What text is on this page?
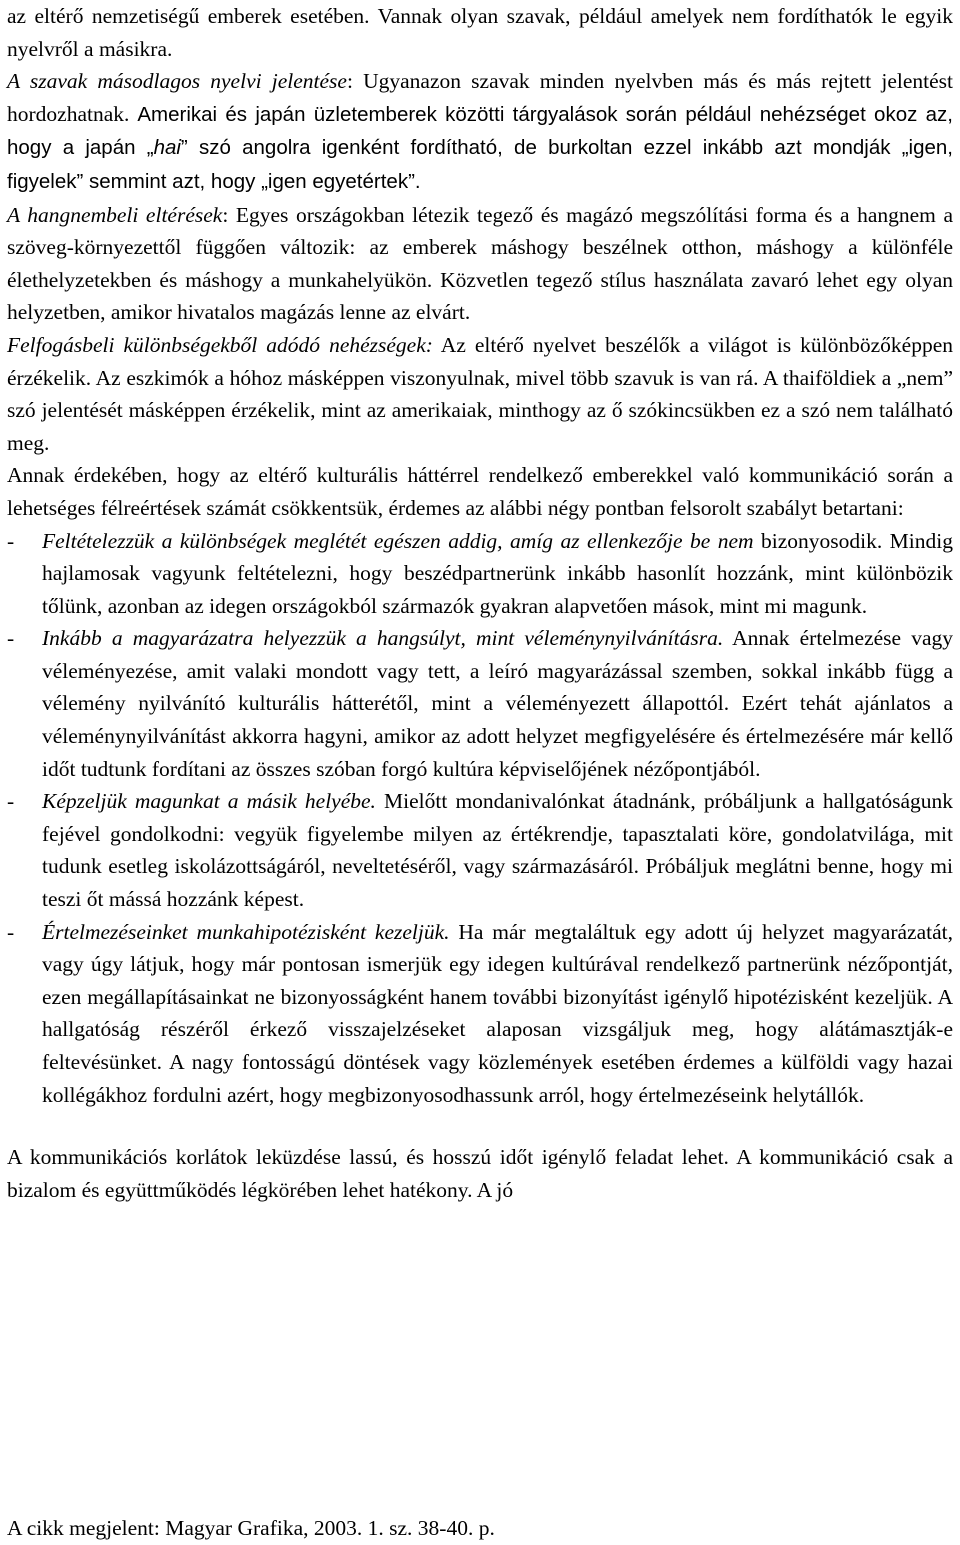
az eltérő nemzetiségű emberek esetében. Vannak olyan szavak, például amelyek nem fordíthatók le egyik nyelvről a másikra.

A szavak másodlagos nyelvi jelentése: Ugyanazon szavak minden nyelvben más és más rejtett jelentést hordozhatnak. Amerikai és japán üzletemberek közötti tárgyalások során például nehézséget okoz az, hogy a japán „hai” szó angolra igenként fordítható, de burkoltan ezzel inkább azt mondják „igen, figyelek” semmint azt, hogy „igen egyetértek”.

A hangnembeli eltérések: Egyes országokban létezik tegező és magázó megszólítási forma és a hangnem a szöveg-környezettől függően változik: az emberek máshogy beszélnek otthon, máshogy a különféle élethelyzetekben és máshogy a munkahelyükön. Közvetlen tegező stílus használata zavaró lehet egy olyan helyzetben, amikor hivatalos magázás lenne az elvárt.

Felfogásbeli különbségekből adódó nehézségek: Az eltérő nyelvet beszélők a világot is különbözőképpen érzékelik. Az eszkimók a hóhoz másképpen viszonyulnak, mivel több szavuk is van rá. A thaiföldiek a „nem” szó jelentését másképpen érzékelik, mint az amerikaiak, minthogy az ő szókincsükben ez a szó nem található meg.

Annak érdekében, hogy az eltérő kulturális háttérrel rendelkező emberekkel való kommunikáció során a lehetséges félreértések számát csökkentsük, érdemes az alábbi négy pontban felsorolt szabályt betartani:

- Feltételezzük a különbségek meglétét egészen addig, amíg az ellenkezője be nem bizonyosodik. Mindig hajlamosak vagyunk feltételezni, hogy beszédpartnerünk inkább hasonlít hozzánk, mint különbözik tőlünk, azonban az idegen országokból származók gyakran alapvetően mások, mint mi magunk.
- Inkább a magyarázatra helyezzük a hangsúlyt, mint véleménynyilvánításra. Annak értelmezése vagy véleményezése, amit valaki mondott vagy tett, a leíró magyarázással szemben, sokkal inkább függ a vélemény nyilvánító kulturális hátterétől, mint a véleményezett állapottól. Ezért tehát ajánlatos a véleménynyilvánítást akkorra hagyni, amikor az adott helyzet megfigyelésére és értelmezésére már kellő időt tudtunk fordítani az összes szóban forgó kultúra képviselőjének nézőpontjából.
- Képzeljük magunkat a másik helyébe. Mielőtt mondanivalónkat átadnánk, próbáljunk a hallgatóságunk fejével gondolkodni: vegyük figyelembe milyen az értékrendje, tapasztalati köre, gondolatvilága, mit tudunk esetleg iskolázottságáról, neveltetéséről, vagy származásáról. Próbáljuk meglátni benne, hogy mi teszi őt mássá hozzánk képest.
- Értelmezéseinket munkahipotézisként kezeljük. Ha már megtaláltuk egy adott új helyzet magyarázatát, vagy úgy látjuk, hogy már pontosan ismerjük egy idegen kultúrával rendelkező partnerünk nézőpontját, ezen megállapításainkat ne bizonyosságként hanem további bizonyítást igénylő hipotézisként kezeljük. A hallgatóság részéről érkező visszajelzéseket alaposan vizsgáljuk meg, hogy alátámasztják-e feltevésünket. A nagy fontosságú döntések vagy közlemények esetében érdemes a külföldi vagy hazai kollégákhoz fordulni azért, hogy megbizonyosodhassunk arról, hogy értelmezéseink helytállók.

A kommunikációs korlátok leküzdése lassú, és hosszú időt igénylő feladat lehet. A kommunikáció csak a bizalom és együttműködés légkörében lehet hatékony. A jó

A cikk megjelent: Magyar Grafika, 2003. 1. sz. 38-40. p.
